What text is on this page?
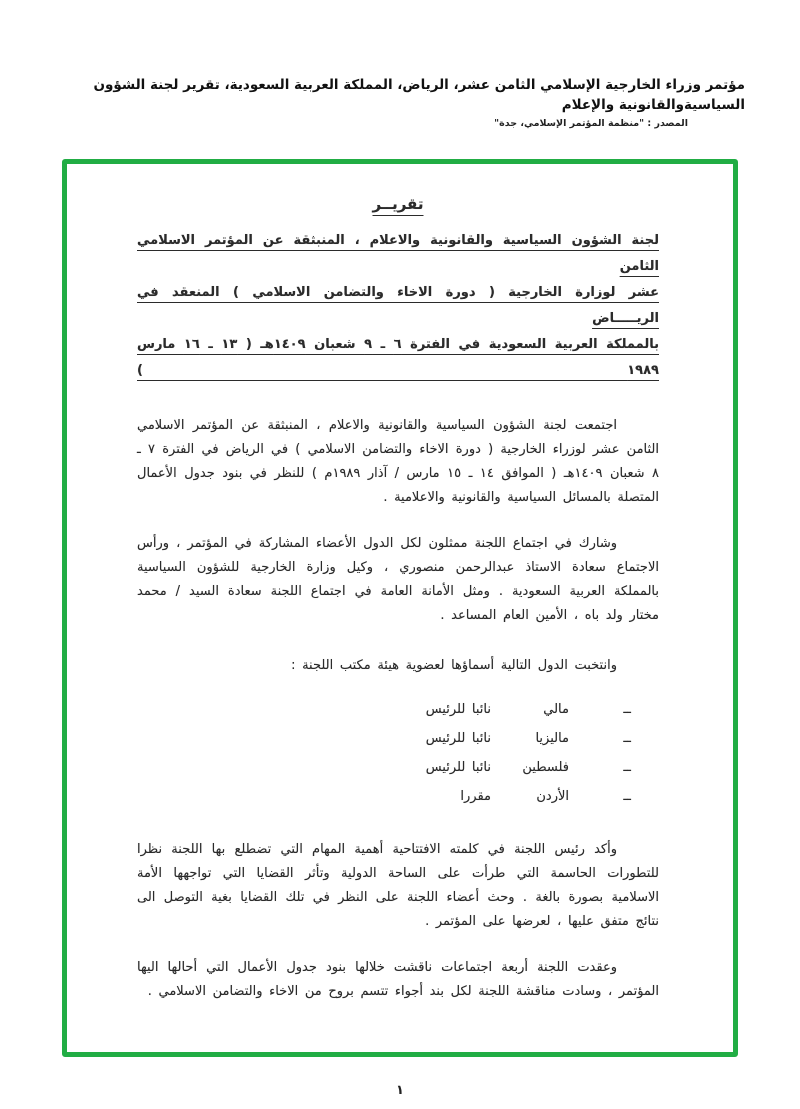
مؤتمر وزراء الخارجية الإسلامي الثامن عشر، الرياض، المملكة العربية السعودية، تقرير لجنة الشؤون السياسيةوالقانونية والإعلام
المصدر : "منظمة المؤتمر الإسلامي، جدة"
تقريــر
لجنة الشؤون السياسية والقانونية والاعلام ، المنبثقة عن المؤتمر الاسلامي الثامن
عشر لوزارة الخارجية ( دورة الاخاء والتضامن الاسلامي ) المنعقد في الريـــــاض
بالمملكة العربية السعودية في الفترة ٦ ـ ٩ شعبان ١٤٠٩هـ ( ١٣ ـ ١٦ مارس ١٩٨٩ )

اجتمعت لجنة الشؤون السياسية والقانونية والاعلام ، المنبثقة عن المؤتمر الاسلامي الثامن عشر لوزراء الخارجية ( دورة الاخاء والتضامن الاسلامي ) في الرياض في الفترة ٧ ـ ٨ شعبان ١٤٠٩هـ ( الموافق ١٤ ـ ١٥ مارس / آذار ١٩٨٩م ) للنظر في بنود جدول الأعمال المتصلة بالمسائل السياسية والقانونية والاعلامية .

وشارك في اجتماع اللجنة ممثلون لكل الدول الأعضاء المشاركة في المؤتمر ، ورأس الاجتماع سعادة الاستاذ عبدالرحمن منصوري ، وكيل وزارة الخارجية للشؤون السياسية بالمملكة العربية السعودية . ومثل الأمانة العامة في اجتماع اللجنة سعادة السيد / محمد مختار ولد باه ، الأمين العام المساعد .

وانتخبت الدول التالية أسماؤها لعضوية هيئة مكتب اللجنة :

ــ
مالي
نائبا للرئيس
ــ
ماليزيا
نائبا للرئيس
ــ
فلسطين
نائبا للرئيس
ــ
الأردن
مقررا

وأكد رئيس اللجنة في كلمته الافتتاحية أهمية المهام التي تضطلع بها اللجنة نظرا للتطورات الحاسمة التي طرأت على الساحة الدولية وتأثر القضايا التي تواجهها الأمة الاسلامية بصورة بالغة . وحث أعضاء اللجنة على النظر في تلك القضايا بغية التوصل الى نتائج متفق عليها ، لعرضها على المؤتمر .

وعقدت اللجنة أربعة اجتماعات ناقشت خلالها بنود جدول الأعمال التي أحالها اليها المؤتمر ، وسادت مناقشة اللجنة لكل بند أجواء تتسم بروح من الاخاء والتضامن الاسلامي .

١
